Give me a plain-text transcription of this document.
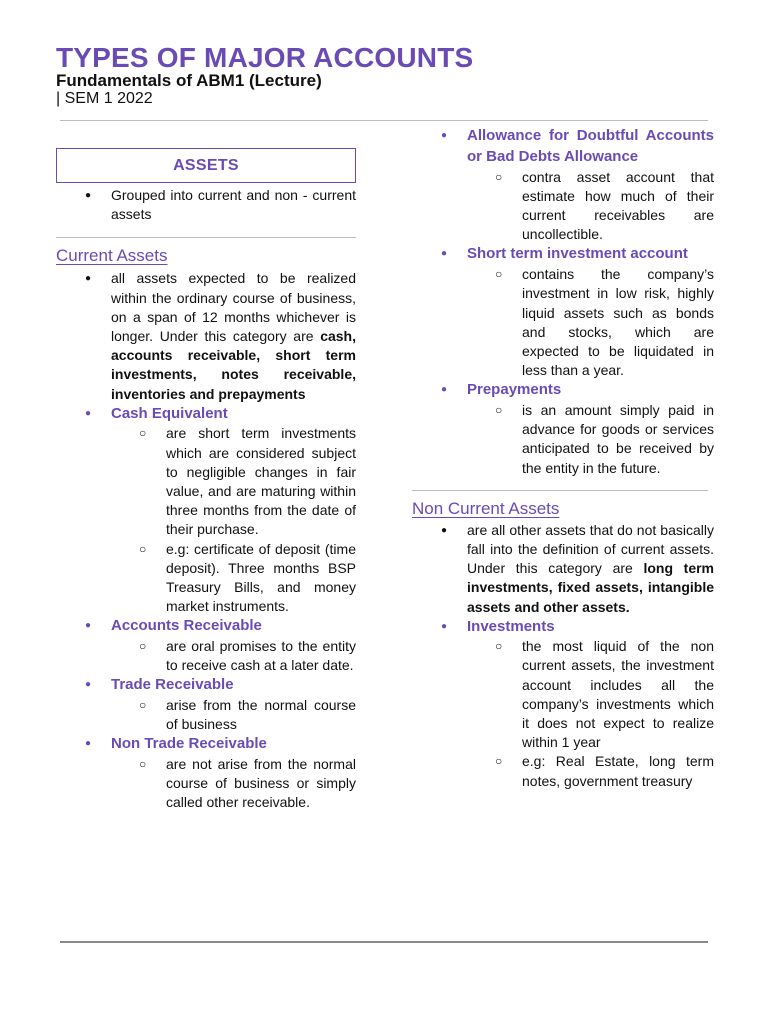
TYPES OF MAJOR ACCOUNTS
Fundamentals of ABM1 (Lecture)
| SEM 1 2022
ASSETS
● Grouped into current and non - current assets
Current Assets
● all assets expected to be realized within the ordinary course of business, on a span of 12 months whichever is longer. Under this category are cash, accounts receivable, short term investments, notes receivable, inventories and prepayments
● Cash Equivalent
○ are short term investments which are considered subject to negligible changes in fair value, and are maturing within three months from the date of their purchase.
○ e.g: certificate of deposit (time deposit). Three months BSP Treasury Bills, and money market instruments.
● Accounts Receivable
○ are oral promises to the entity to receive cash at a later date.
● Trade Receivable
○ arise from the normal course of business
● Non Trade Receivable
○ are not arise from the normal course of business or simply called other receivable.
● Allowance for Doubtful Accounts or Bad Debts Allowance
○ contra asset account that estimate how much of their current receivables are uncollectible.
● Short term investment account
○ contains the company’s investment in low risk, highly liquid assets such as bonds and stocks, which are expected to be liquidated in less than a year.
● Prepayments
○ is an amount simply paid in advance for goods or services anticipated to be received by the entity in the future.
Non Current Assets
● are all other assets that do not basically fall into the definition of current assets. Under this category are long term investments, fixed assets, intangible assets and other assets.
● Investments
○ the most liquid of the non current assets, the investment account includes all the company’s investments which it does not expect to realize within 1 year
○ e.g: Real Estate, long term notes, government treasury
